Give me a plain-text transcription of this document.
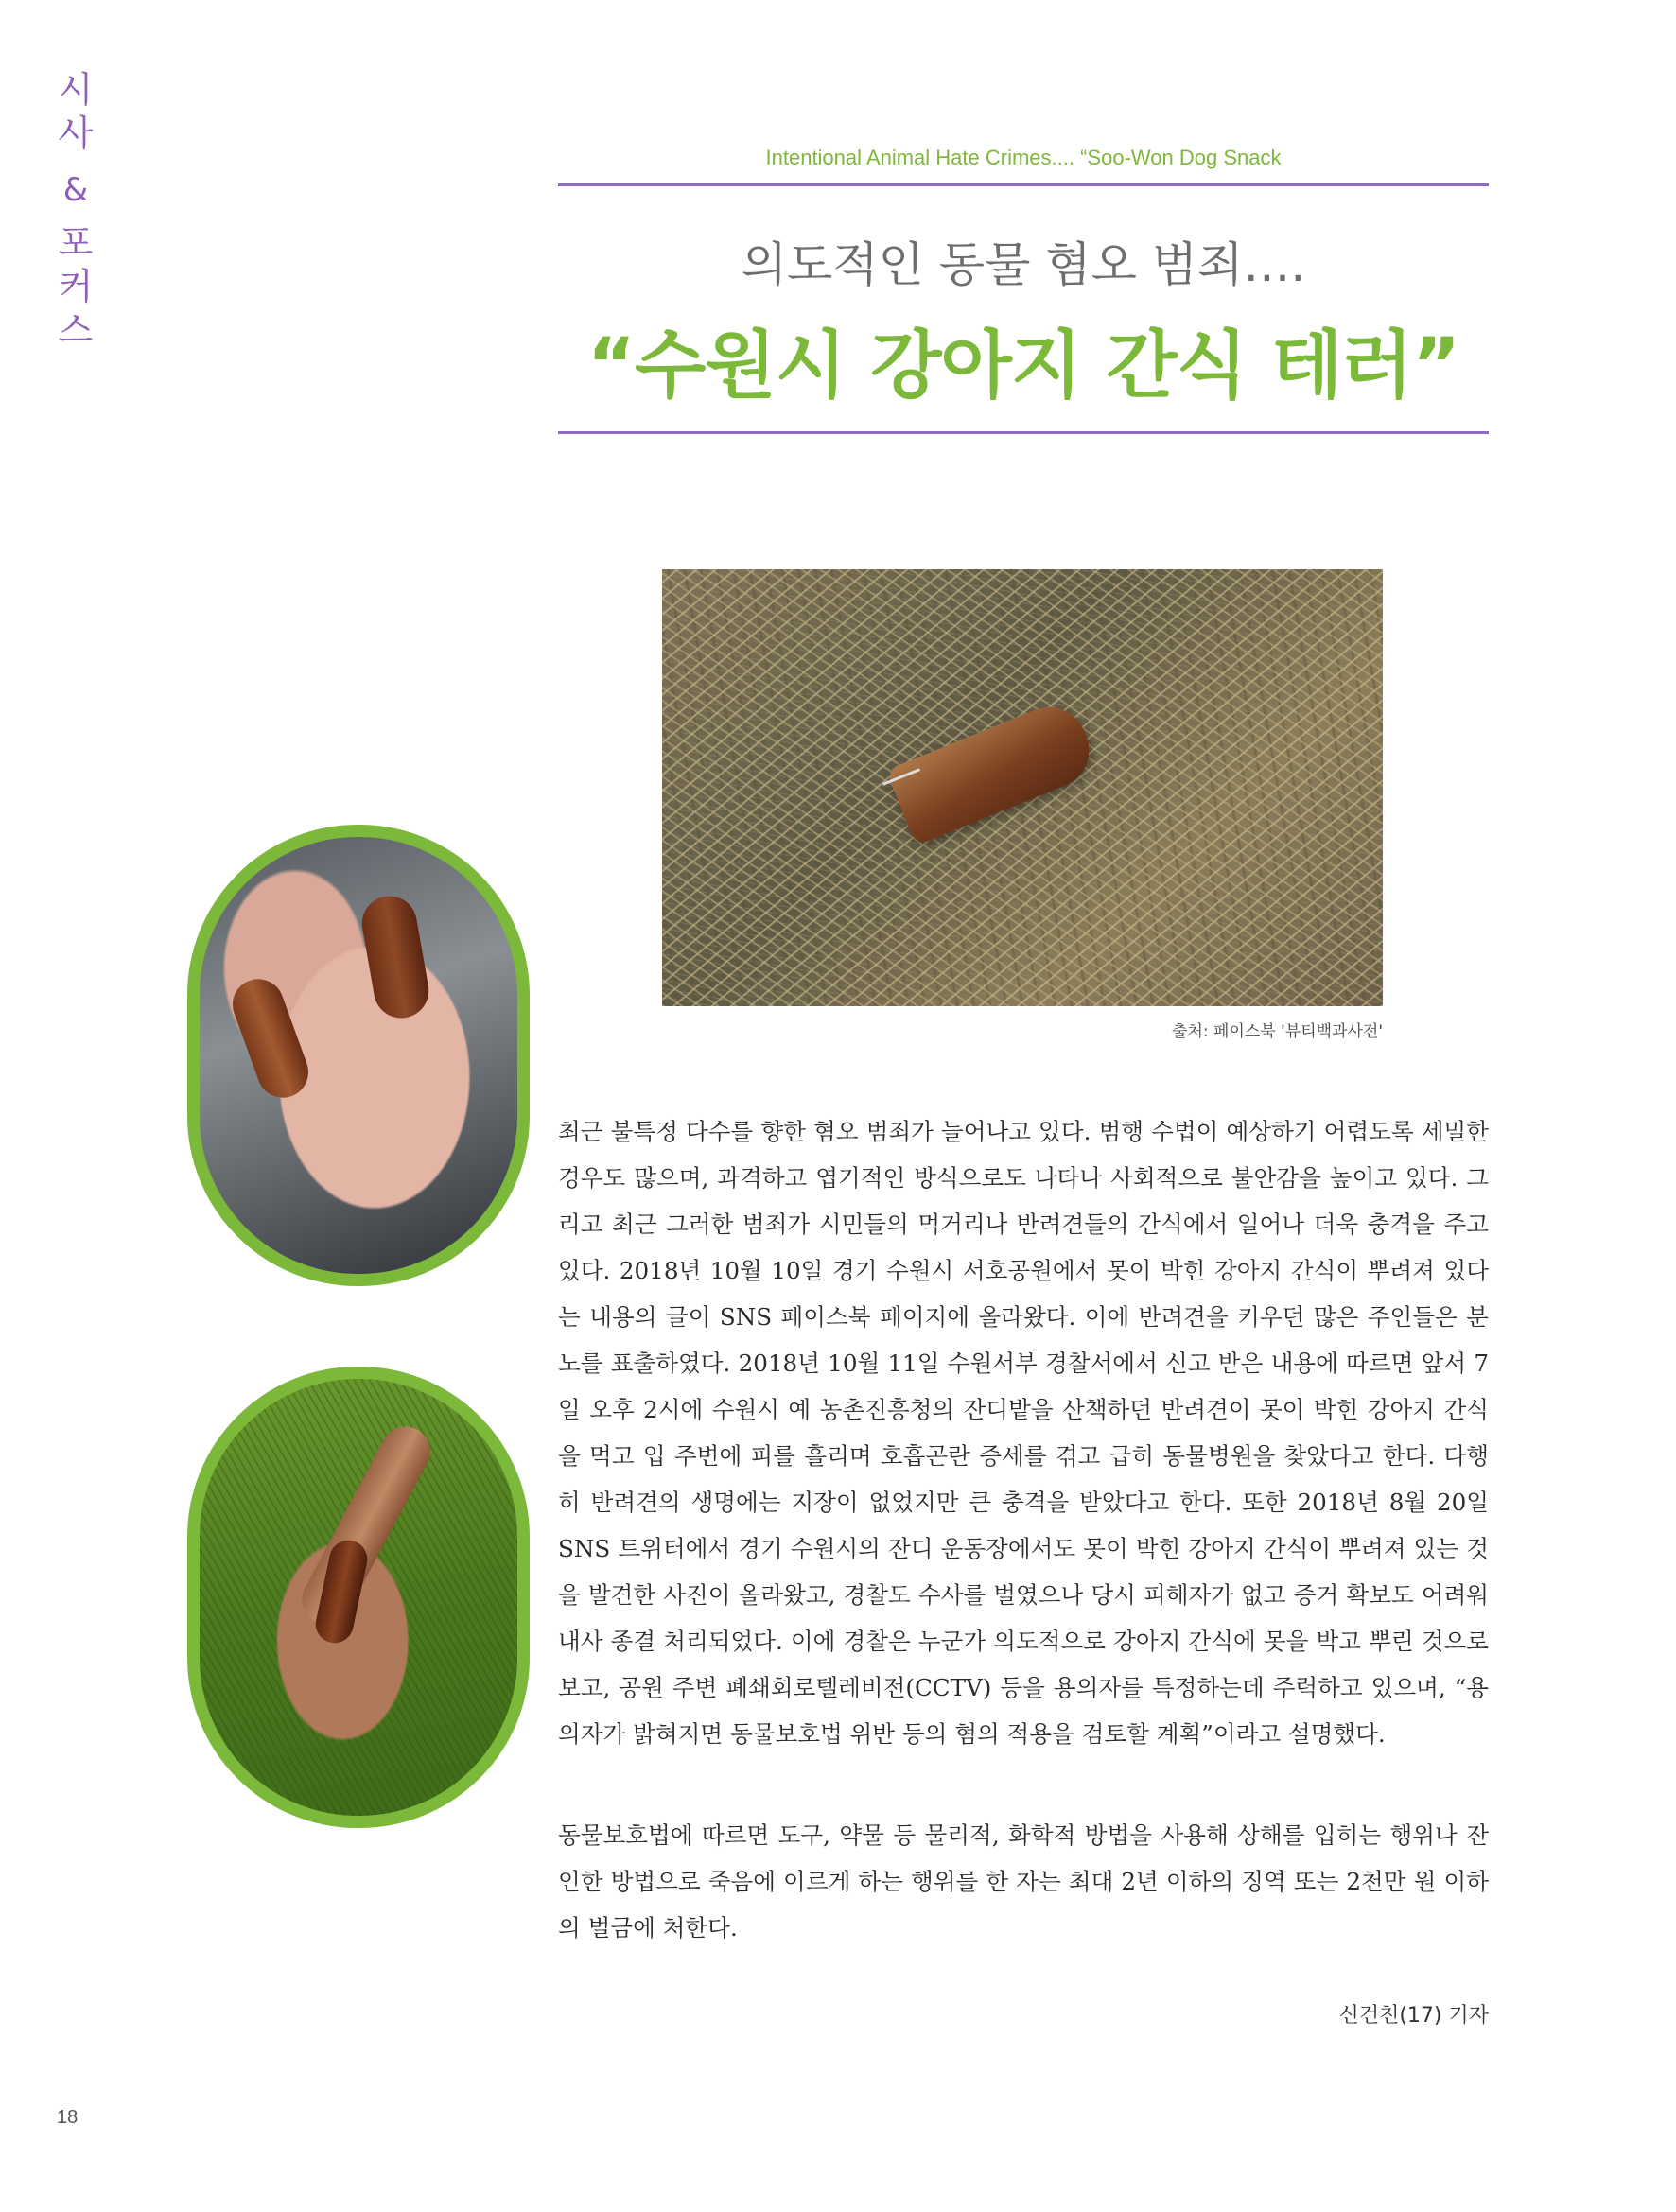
시
사
&
포
커
스
Intentional Animal Hate Crimes.... “Soo-Won Dog Snack
의도적인 동물 혐오 범죄….
“수원시 강아지 간식 테러”
출처: 페이스북 '뷰티백과사전'

최근 불특정 다수를 향한 혐오 범죄가 늘어나고 있다. 범행 수법이 예상하기 어렵도록 세밀한 경우도 많으며, 과격하고 엽기적인 방식으로도 나타나 사회적으로 불안감을 높이고 있다. 그리고 최근 그러한 범죄가 시민들의 먹거리나 반려견들의 간식에서 일어나 더욱 충격을 주고 있다. 2018년 10월 10일 경기 수원시 서호공원에서 못이 박힌 강아지 간식이 뿌려져 있다는 내용의 글이 SNS 페이스북 페이지에 올라왔다. 이에 반려견을 키우던 많은 주인들은 분노를 표출하였다. 2018년 10월 11일 수원서부 경찰서에서 신고 받은 내용에 따르면 앞서 7일 오후 2시에 수원시 예 농촌진흥청의 잔디밭을 산책하던 반려견이 못이 박힌 강아지 간식을 먹고 입 주변에 피를 흘리며 호흡곤란 증세를 겪고 급히 동물병원을 찾았다고 한다. 다행히 반려견의 생명에는 지장이 없었지만 큰 충격을 받았다고 한다. 또한 2018년 8월 20일 SNS 트위터에서 경기 수원시의 잔디 운동장에서도 못이 박힌 강아지 간식이 뿌려져 있는 것을 발견한 사진이 올라왔고, 경찰도 수사를 벌였으나 당시 피해자가 없고 증거 확보도 어려워 내사 종결 처리되었다. 이에 경찰은 누군가 의도적으로 강아지 간식에 못을 박고 뿌린 것으로 보고, 공원 주변 폐쇄회로텔레비전(CCTV) 등을 용의자를 특정하는데 주력하고 있으며, “용의자가 밝혀지면 동물보호법 위반 등의 혐의 적용을 검토할 계획”이라고 설명했다.

동물보호법에 따르면 도구, 약물 등 물리적, 화학적 방법을 사용해 상해를 입히는 행위나 잔인한 방법으로 죽음에 이르게 하는 행위를 한 자는 최대 2년 이하의 징역 또는 2천만 원 이하의 벌금에 처한다.

신건친(17) 기자
18
